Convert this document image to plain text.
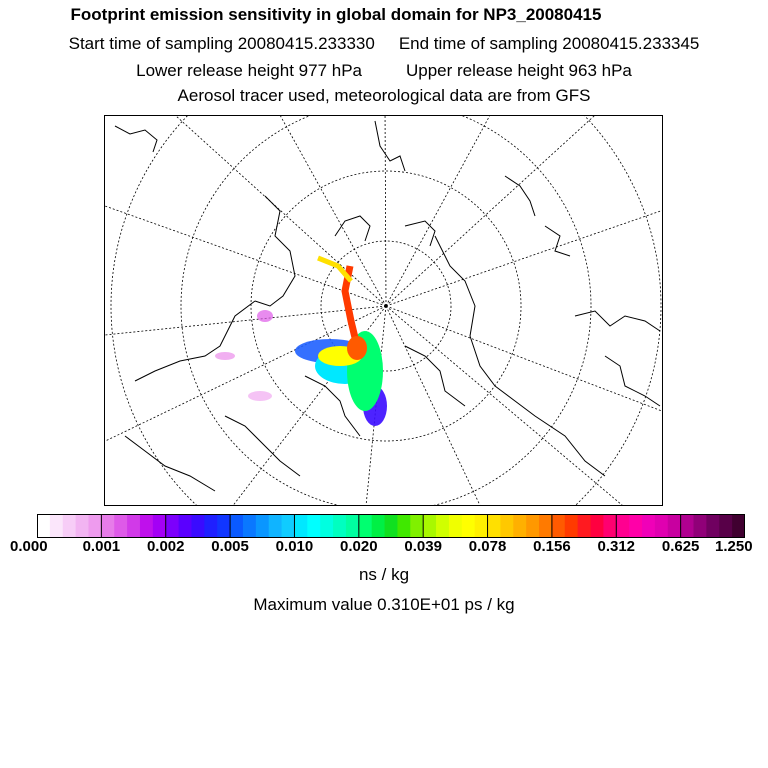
Footprint emission sensitivity in global domain for NP3_20080415
Start time of sampling 20080415.233330 End time of sampling 20080415.233345
Lower release height 977 hPa	Upper release height 963 hPa
Aerosol tracer used, meteorological data are from GFS
0.000 0.001 0.002 0.005 0.010 0.020 0.039 0.078 0.156 0.312 0.625 1.250
ns / kg
Maximum value 0.310E+01 ps / kg
